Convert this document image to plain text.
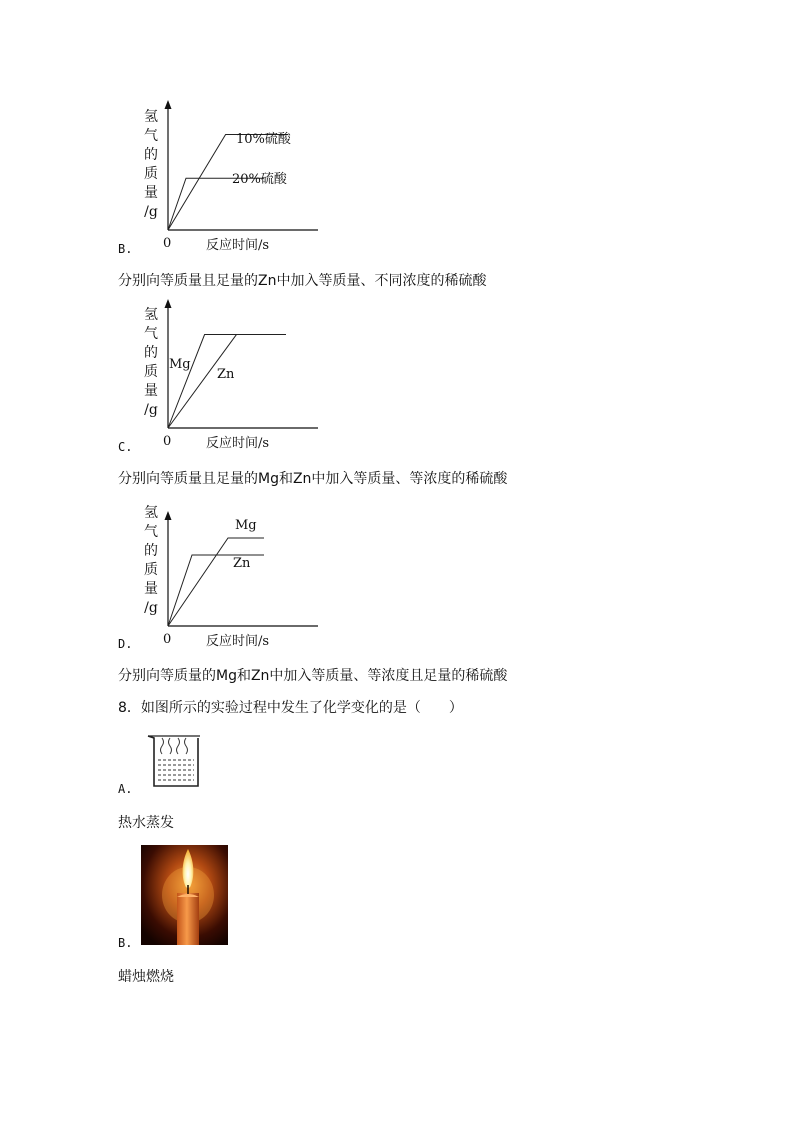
氢
气
的
质
量
/g
0	反应时间/s
10%硫酸
20%硫酸
B.
分别向等质量且足量的Zn中加入等质量、不同浓度的稀硫酸
氢
气
的
质
量
/g
0	反应时间/s
Mg
Zn
C.
分别向等质量且足量的Mg和Zn中加入等质量、等浓度的稀硫酸
氢
气
的
质
量
/g
0	反应时间/s
Mg
Zn
D.
分别向等质量的Mg和Zn中加入等质量、等浓度且足量的稀硫酸
8．如图所示的实验过程中发生了化学变化的是（　　）
A.
热水蒸发
B.
蜡烛燃烧
